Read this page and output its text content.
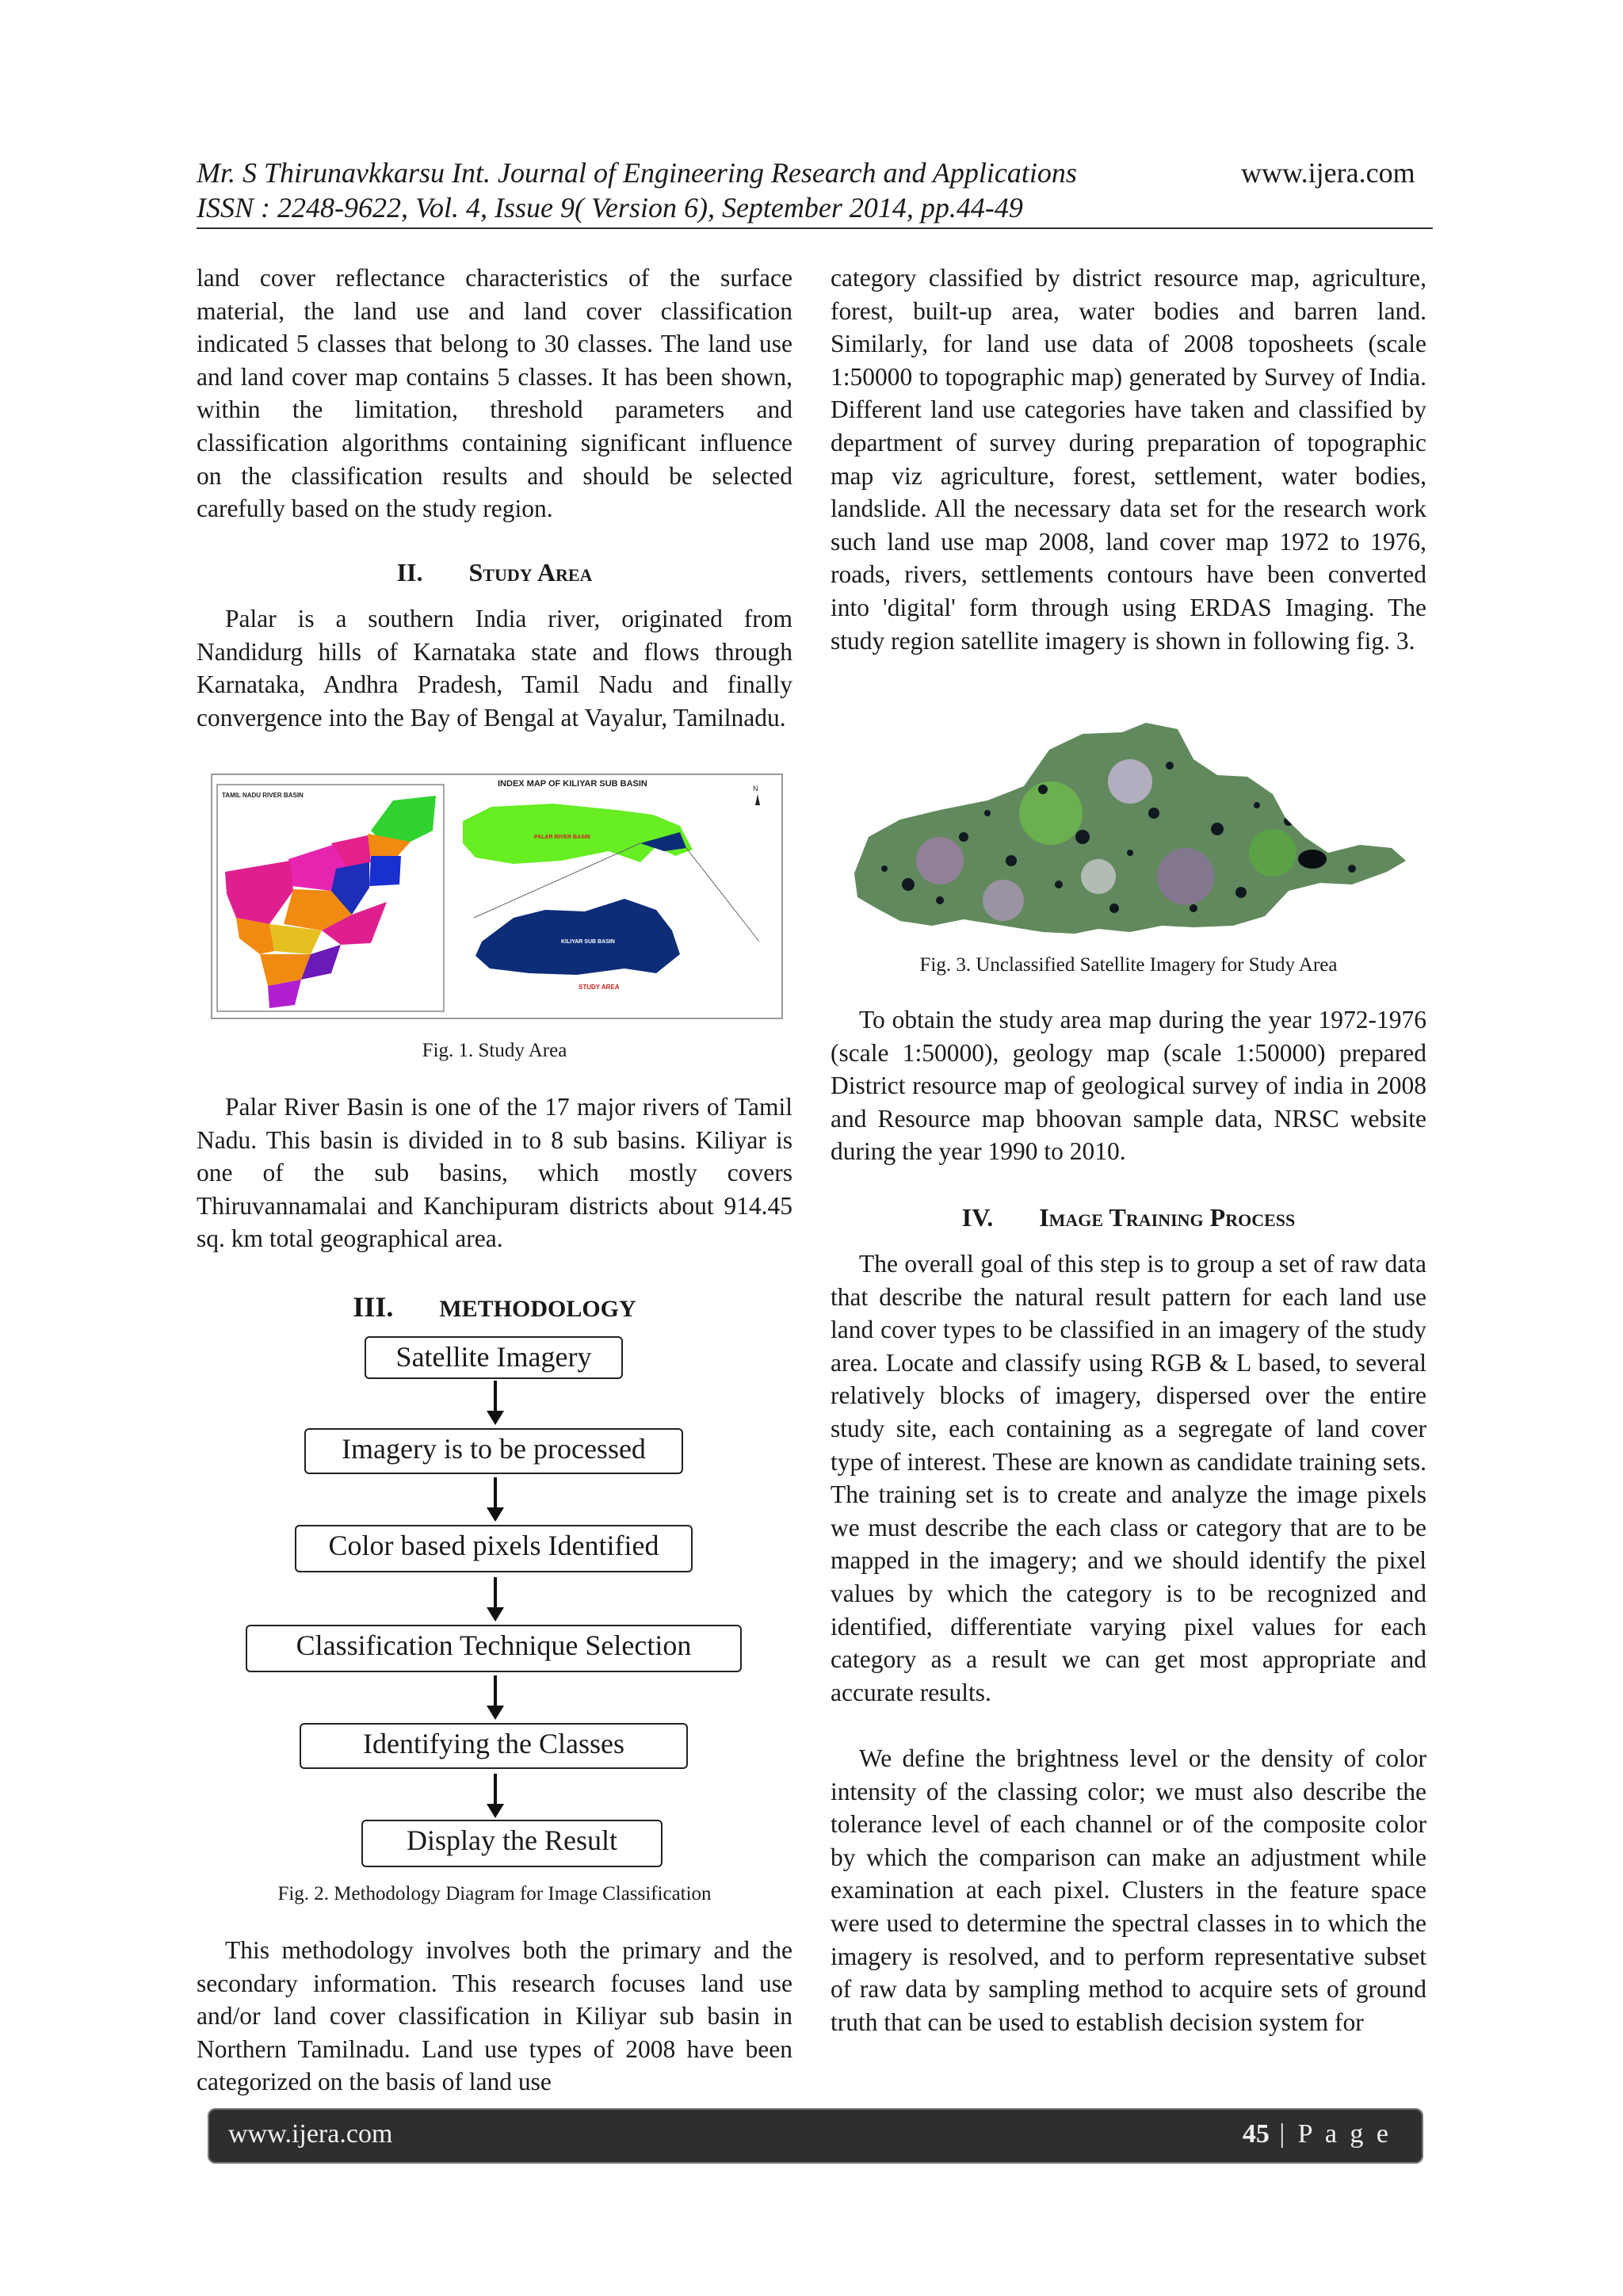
Mr. S Thirunavkkarsu Int. Journal of Engineering Research and Applications
ISSN : 2248-9622, Vol. 4, Issue 9( Version 6), September 2014, pp.44-49
www.ijera.com

land cover reflectance characteristics of the surface material, the land use and land cover classification indicated 5 classes that belong to 30 classes. The land use and land cover map contains 5 classes. It has been shown, within the limitation, threshold parameters and classification algorithms containing significant influence on the classification results and should be selected carefully based on the study region.

II. Study Area

Palar is a southern India river, originated from Nandidurg hills of Karnataka state and flows through Karnataka, Andhra Pradesh, Tamil Nadu and finally convergence into the Bay of Bengal at Vayalur, Tamilnadu.

INDEX MAP OF KILIYAR SUB BASIN	N
TAMIL NADU RIVER BASIN
PALAR RIVER BASIN
KILIYAR SUB BASIN
STUDY AREA
Fig. 1. Study Area

Palar River Basin is one of the 17 major rivers of Tamil Nadu. This basin is divided in to 8 sub basins. Kiliyar is one of the sub basins, which mostly covers Thiruvannamalai and Kanchipuram districts about 914.45 sq. km total geographical area.

III. METHODOLOGY
Satellite Imagery
Imagery is to be processed
Color based pixels Identified
Classification Technique Selection
Identifying the Classes
Display the Result
Fig. 2. Methodology Diagram for Image Classification

This methodology involves both the primary and the secondary information. This research focuses land use and/or land cover classification in Kiliyar sub basin in Northern Tamilnadu. Land use types of 2008 have been categorized on the basis of land use

category classified by district resource map, agriculture, forest, built-up area, water bodies and barren land. Similarly, for land use data of 2008 toposheets (scale 1:50000 to topographic map) generated by Survey of India. Different land use categories have taken and classified by department of survey during preparation of topographic map viz agriculture, forest, settlement, water bodies, landslide. All the necessary data set for the research work such land use map 2008, land cover map 1972 to 1976, roads, rivers, settlements contours have been converted into 'digital' form through using ERDAS Imaging. The study region satellite imagery is shown in following fig. 3.

Fig. 3. Unclassified Satellite Imagery for Study Area

To obtain the study area map during the year 1972-1976 (scale 1:50000), geology map (scale 1:50000) prepared District resource map of geological survey of india in 2008 and Resource map bhoovan sample data, NRSC website during the year 1990 to 2010.

IV. Image Training Process

The overall goal of this step is to group a set of raw data that describe the natural result pattern for each land use land cover types to be classified in an imagery of the study area. Locate and classify using RGB & L based, to several relatively blocks of imagery, dispersed over the entire study site, each containing as a segregate of land cover type of interest. These are known as candidate training sets. The training set is to create and analyze the image pixels we must describe the each class or category that are to be mapped in the imagery; and we should identify the pixel values by which the category is to be recognized and identified, differentiate varying pixel values for each category as a result we can get most appropriate and accurate results.

We define the brightness level or the density of color intensity of the classing color; we must also describe the tolerance level of each channel or of the composite color by which the comparison can make an adjustment while examination at each pixel. Clusters in the feature space were used to determine the spectral classes in to which the imagery is resolved, and to perform representative subset of raw data by sampling method to acquire sets of ground truth that can be used to establish decision system for

www.ijera.com	45 | P a g e
